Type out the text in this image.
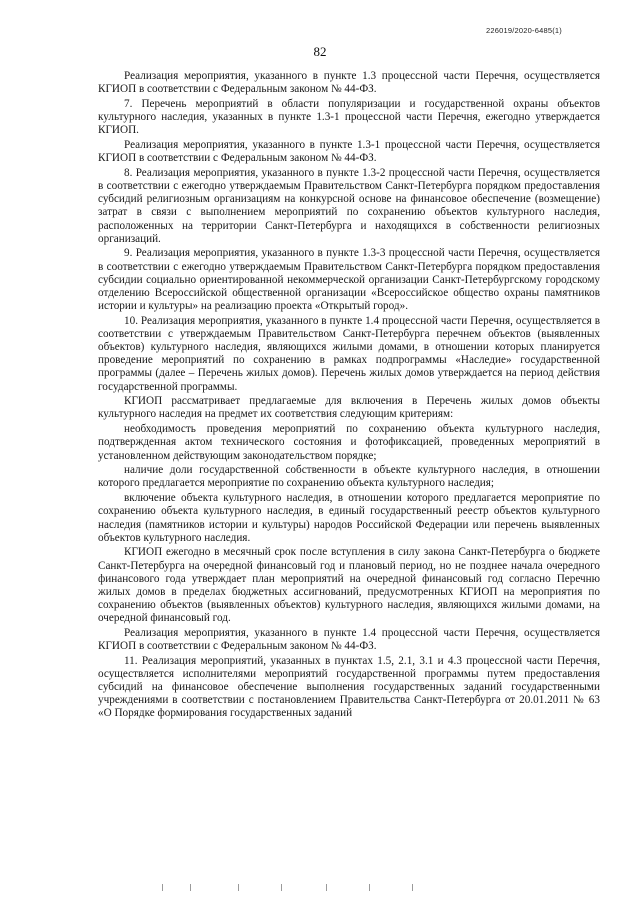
226019/2020-6485(1)
82

Реализация мероприятия, указанного в пункте 1.3 процессной части Перечня, осуществляется КГИОП в соответствии с Федеральным законом № 44-ФЗ.

7. Перечень мероприятий в области популяризации и государственной охраны объектов культурного наследия, указанных в пункте 1.3-1 процессной части Перечня, ежегодно утверждается КГИОП.

Реализация мероприятия, указанного в пункте 1.3-1 процессной части Перечня, осуществляется КГИОП в соответствии с Федеральным законом № 44-ФЗ.

8. Реализация мероприятия, указанного в пункте 1.3-2 процессной части Перечня, осуществляется в соответствии с ежегодно утверждаемым Правительством Санкт-Петербурга порядком предоставления субсидий религиозным организациям на конкурсной основе на финансовое обеспечение (возмещение) затрат в связи с выполнением мероприятий по сохранению объектов культурного наследия, расположенных на территории Санкт-Петербурга и находящихся в собственности религиозных организаций.

9. Реализация мероприятия, указанного в пункте 1.3-3 процессной части Перечня, осуществляется в соответствии с ежегодно утверждаемым Правительством Санкт-Петербурга порядком предоставления субсидии социально ориентированной некоммерческой организации Санкт-Петербургскому городскому отделению Всероссийской общественной организации «Всероссийское общество охраны памятников истории и культуры» на реализацию проекта «Открытый город».

10. Реализация мероприятия, указанного в пункте 1.4 процессной части Перечня, осуществляется в соответствии с утверждаемым Правительством Санкт-Петербурга перечнем объектов (выявленных объектов) культурного наследия, являющихся жилыми домами, в отношении которых планируется проведение мероприятий по сохранению в рамках подпрограммы «Наследие» государственной программы (далее – Перечень жилых домов). Перечень жилых домов утверждается на период действия государственной программы.

КГИОП рассматривает предлагаемые для включения в Перечень жилых домов объекты культурного наследия на предмет их соответствия следующим критериям:

необходимость проведения мероприятий по сохранению объекта культурного наследия, подтвержденная актом технического состояния и фотофиксацией, проведенных мероприятий в установленном действующим законодательством порядке;

наличие доли государственной собственности в объекте культурного наследия, в отношении которого предлагается мероприятие по сохранению объекта культурного наследия;

включение объекта культурного наследия, в отношении которого предлагается мероприятие по сохранению объекта культурного наследия, в единый государственный реестр объектов культурного наследия (памятников истории и культуры) народов Российской Федерации или перечень выявленных объектов культурного наследия.

КГИОП ежегодно в месячный срок после вступления в силу закона Санкт-Петербурга о бюджете Санкт-Петербурга на очередной финансовый год и плановый период, но не позднее начала очередного финансового года утверждает план мероприятий на очередной финансовый год согласно Перечню жилых домов в пределах бюджетных ассигнований, предусмотренных КГИОП на мероприятия по сохранению объектов (выявленных объектов) культурного наследия, являющихся жилыми домами, на очередной финансовый год.

Реализация мероприятия, указанного в пункте 1.4 процессной части Перечня, осуществляется КГИОП в соответствии с Федеральным законом № 44-ФЗ.

11. Реализация мероприятий, указанных в пунктах 1.5, 2.1, 3.1 и 4.3 процессной части Перечня, осуществляется исполнителями мероприятий государственной программы путем предоставления субсидий на финансовое обеспечение выполнения государственных заданий государственными учреждениями в соответствии с постановлением Правительства Санкт-Петербурга от 20.01.2011 № 63 «О Порядке формирования государственных заданий
